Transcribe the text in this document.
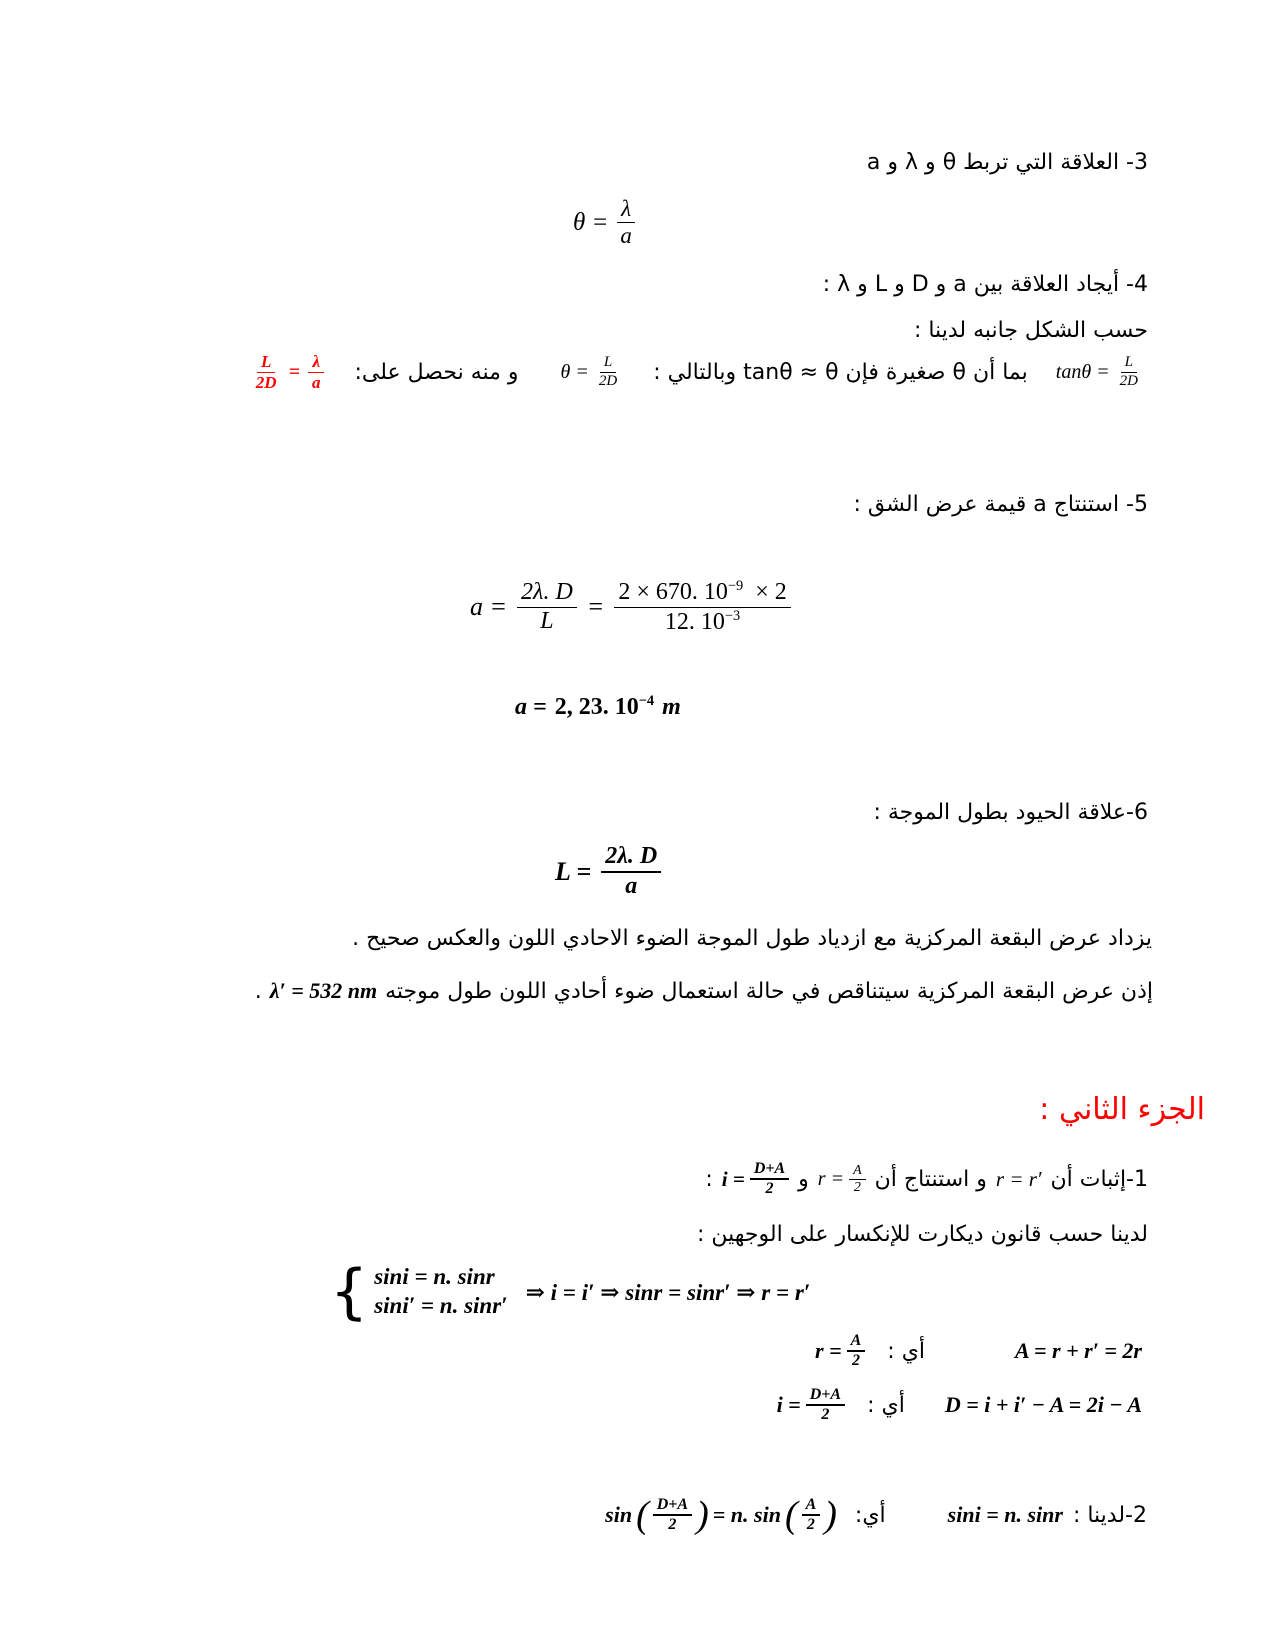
3- العلاقة التي تربط θ و λ و a
$\theta = \frac{\lambda}{a}$
4- أيجاد العلاقة بين a و D و L و λ :
حسب الشكل جانبه لدينا :
$\tan\theta = \frac{L}{2D}$
بما أن θ صغيرة فإن tanθ ≈ θ وبالتالي :
$\theta = \frac{L}{2D}$
و منه نحصل على:
$\frac{L}{2D} = \frac{\lambda}{a}$
5- استنتاج a قيمة عرض الشق :
$a = \frac{2\lambda. D}{L} = \frac{2 \times 670. 10^{-9} \times 2}{12. 10^{-3}}$
a = 2, 23. $10^{-4}$ m
6-علاقة الحيود بطول الموجة :
$L = \frac{2\lambda. D}{a}$
يزداد عرض البقعة المركزية مع ازدياد طول الموجة الضوء الاحادي اللون والعكس صحيح .
إذن عرض البقعة المركزية سيتناقص في حالة استعمال ضوء أحادي اللون طول موجته
λ′ = 532 nm
.
الجزء الثاني :
1-إثبات أن
r = r′
و استنتاج أن
$r = \frac{A}{2}$
و
$i = \frac{D+A}{2}$
:
لدينا حسب قانون ديكارت للإنكسار على الوجهين :
{ sini = n. sinr
sini′ = n. sinr′
⇒ i = i′ ⇒ sinr = sinr′ ⇒ r = r′
A = r + r′ = 2r
أي :
$r = \frac{A}{2}$
D = i + i′ − A = 2i − A
أي :
$i = \frac{D+A}{2}$
2-لدينا :
sini = n. sinr
أي:
sin ( $\frac{D+A}{2}$ ) = n. sin ( $\frac{A}{2}$ )
